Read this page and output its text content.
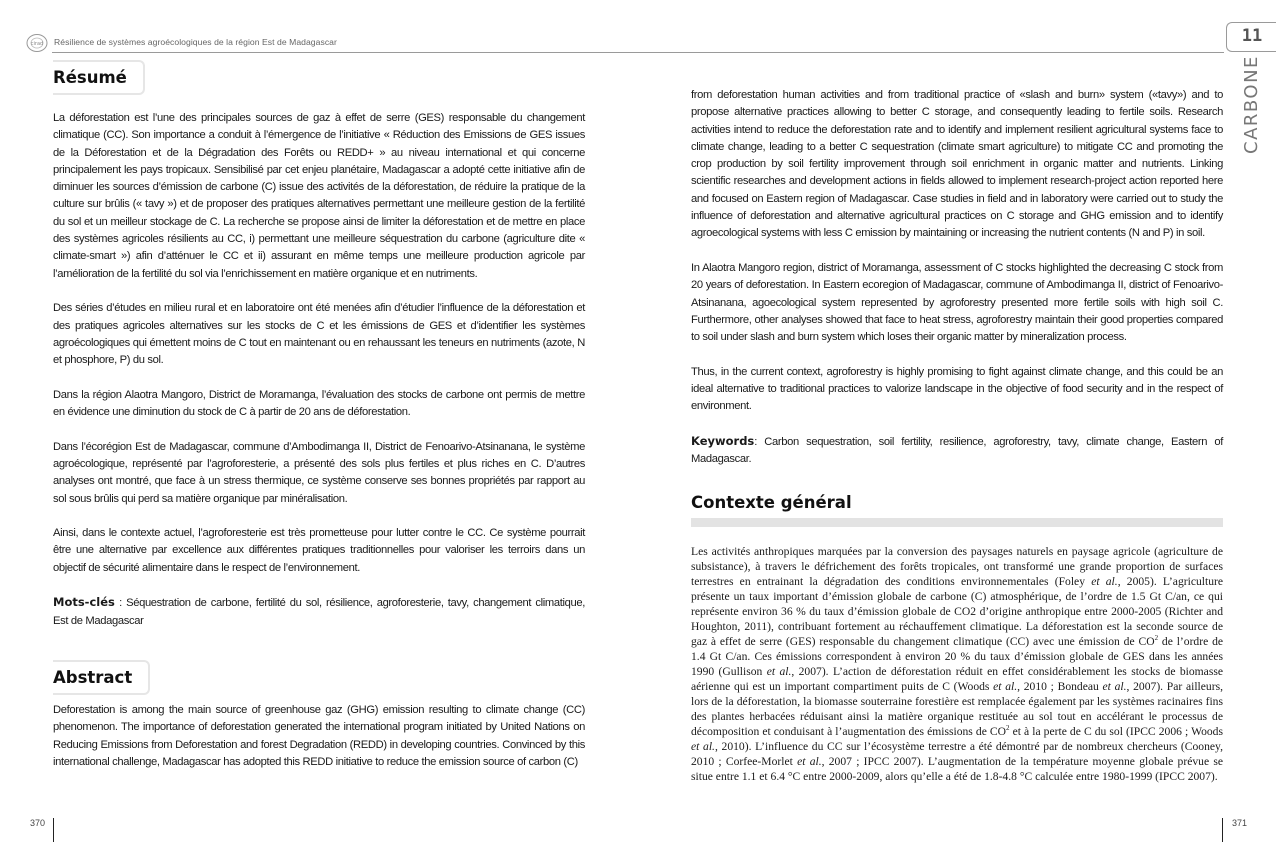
cirad Résilience de systèmes agroécologiques de la région Est de Madagascar	11
CARBONE
Résumé

La déforestation est l’une des principales sources de gaz à effet de serre (GES) responsable du changement climatique (CC). Son importance a conduit à l’émergence de l’initiative « Réduction des Emissions de GES issues de la Déforestation et de la Dégradation des Forêts ou REDD+ » au niveau international et qui concerne principalement les pays tropicaux. Sensibilisé par cet enjeu planétaire, Madagascar a adopté cette initiative afin de diminuer les sources d’émission de carbone (C) issue des activités de la déforestation, de réduire la pratique de la culture sur brûlis (« tavy ») et de proposer des pratiques alternatives permettant une meilleure gestion de la fertilité du sol et un meilleur stockage de C. La recherche se propose ainsi de limiter la déforestation et de mettre en place des systèmes agricoles résilients au CC, i) permettant une meilleure séquestration du carbone (agriculture dite « climate-smart ») afin d’atténuer le CC et ii) assurant en même temps une meilleure production agricole par l’amélioration de la fertilité du sol via l’enrichissement en matière organique et en nutriments.

Des séries d’études en milieu rural et en laboratoire ont été menées afin d’étudier l’influence de la déforestation et des pratiques agricoles alternatives sur les stocks de C et les émissions de GES et d’identifier les systèmes agroécologiques qui émettent moins de C tout en maintenant ou en rehaussant les teneurs en nutriments (azote, N et phosphore, P) du sol.

Dans la région Alaotra Mangoro, District de Moramanga, l’évaluation des stocks de carbone ont permis de mettre en évidence une diminution du stock de C à partir de 20 ans de déforestation.

Dans l’écorégion Est de Madagascar, commune d’Ambodimanga II, District de Fenoarivo-Atsinanana, le système agroécologique, représenté par l’agroforesterie, a présenté des sols plus fertiles et plus riches en C. D’autres analyses ont montré, que face à un stress thermique, ce système conserve ses bonnes propriétés par rapport au sol sous brûlis qui perd sa matière organique par minéralisation.

Ainsi, dans le contexte actuel, l’agroforesterie est très prometteuse pour lutter contre le CC. Ce système pourrait être une alternative par excellence aux différentes pratiques traditionnelles pour valoriser les terroirs dans un objectif de sécurité alimentaire dans le respect de l’environnement.

Mots-clés : Séquestration de carbone, fertilité du sol, résilience, agroforesterie, tavy, changement climatique, Est de Madagascar

Abstract

Deforestation is among the main source of greenhouse gaz (GHG) emission resulting to climate change (CC) phenomenon. The importance of deforestation generated the international program initiated by United Nations on Reducing Emissions from Deforestation and forest Degradation (REDD) in developing countries. Convinced by this international challenge, Madagascar has adopted this REDD initiative to reduce the emission source of carbon (C)

from deforestation human activities and from traditional practice of «slash and burn» system («tavy») and to propose alternative practices allowing to better C storage, and consequently leading to fertile soils. Research activities intend to reduce the deforestation rate and to identify and implement resilient agricultural systems face to climate change, leading to a better C sequestration (climate smart agriculture) to mitigate CC and promoting the crop production by soil fertility improvement through soil enrichment in organic matter and nutrients. Linking scientific researches and development actions in fields allowed to implement research-project action reported here and focused on Eastern region of Madagascar. Case studies in field and in laboratory were carried out to study the influence of deforestation and alternative agricultural practices on C storage and GHG emission and to identify agroecological systems with less C emission by maintaining or increasing the nutrient contents (N and P) in soil.

In Alaotra Mangoro region, district of Moramanga, assessment of C stocks highlighted the decreasing C stock from 20 years of deforestation. In Eastern ecoregion of Madagascar, commune of Ambodimanga II, district of Fenoarivo-Atsinanana, agoecological system represented by agroforestry presented more fertile soils with high soil C. Furthermore, other analyses showed that face to heat stress, agroforestry maintain their good properties compared to soil under slash and burn system which loses their organic matter by mineralization process.

Thus, in the current context, agroforestry is highly promising to fight against climate change, and this could be an ideal alternative to traditional practices to valorize landscape in the objective of food security and in the respect of environment.

Keywords: Carbon sequestration, soil fertility, resilience, agroforestry, tavy, climate change, Eastern of Madagascar.

Contexte général

Les activités anthropiques marquées par la conversion des paysages naturels en paysage agricole (agriculture de subsistance), à travers le défrichement des forêts tropicales, ont transformé une grande proportion de surfaces terrestres en entrainant la dégradation des conditions environnementales (Foley et al., 2005). L’agriculture présente un taux important d’émission globale de carbone (C) atmosphérique, de l’ordre de 1.5 Gt C/an, ce qui représente environ 36 % du taux d’émission globale de CO2 d’origine anthropique entre 2000-2005 (Richter and Houghton, 2011), contribuant fortement au réchauffement climatique. La déforestation est la seconde source de gaz à effet de serre (GES) responsable du changement climatique (CC) avec une émission de $CO^2$ de l’ordre de 1.4 Gt C/an. Ces émissions correspondent à environ 20 % du taux d’émission globale de GES dans les années 1990 (Gullison et al., 2007). L’action de déforestation réduit en effet considérablement les stocks de biomasse aérienne qui est un important compartiment puits de C (Woods et al., 2010 ; Bondeau et al., 2007). Par ailleurs, lors de la déforestation, la biomasse souterraine forestière est remplacée également par les systèmes racinaires fins des plantes herbacées réduisant ainsi la matière organique restituée au sol tout en accélérant le processus de décomposition et conduisant à l’augmentation des émissions de $CO^2$ et à la perte de C du sol (IPCC 2006 ; Woods et al., 2010). L’influence du CC sur l’écosystème terrestre a été démontré par de nombreux chercheurs (Cooney, 2010 ; Corfee-Morlet et al., 2007 ; IPCC 2007). L’augmentation de la température moyenne globale prévue se situe entre 1.1 et 6.4 °C entre 2000-2009, alors qu’elle a été de 1.8-4.8 °C calculée entre 1980-1999 (IPCC 2007).

370	371
